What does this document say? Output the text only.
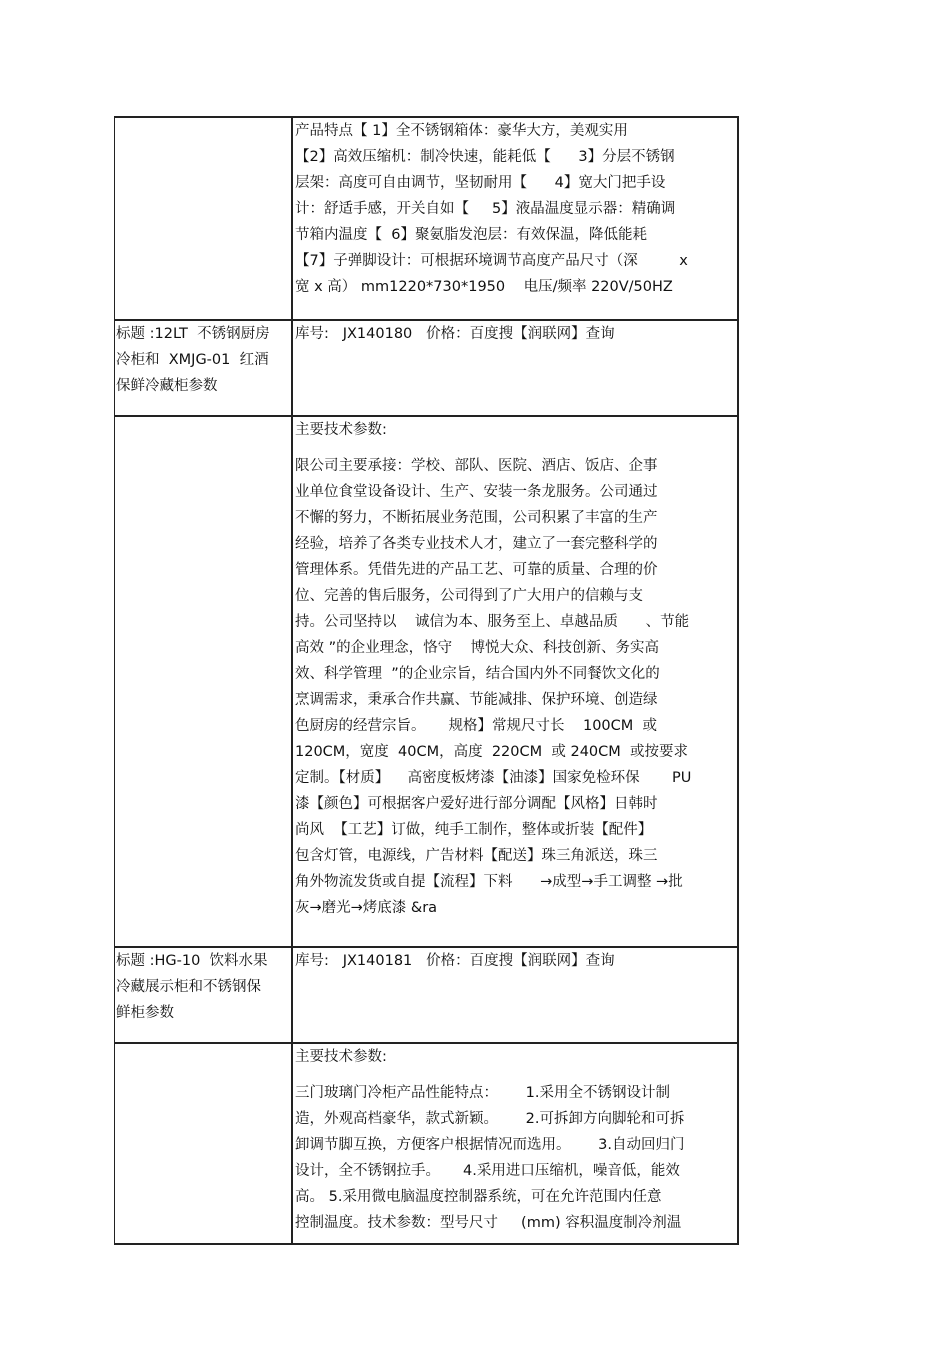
产品特点【 1】全不锈钢箱体：豪华大方，美观实用
【2】高效压缩机：制冷快速，能耗低【      3】分层不锈钢
层架：高度可自由调节，坚韧耐用【      4】宽大门把手设
计：舒适手感，开关自如【     5】液晶温度显示器：精确调
节箱内温度【  6】聚氨脂发泡层：有效保温，降低能耗
【7】子弹脚设计：可根据环境调节高度产品尺寸（深         x
宽 x 高） mm1220*730*1950    电压/频率 220V/50HZ
标题 :12LT  不锈钢厨房
冷柜和  XMJG-01  红酒
保鲜冷藏柜参数
库号:   JX140180   价格：百度搜【润联网】查询
主要技术参数:
限公司主要承接：学校、部队、医院、酒店、饭店、企事
业单位食堂设备设计、生产、安装一条龙服务。公司通过
不懈的努力，不断拓展业务范围，公司积累了丰富的生产
经验，培养了各类专业技术人才，建立了一套完整科学的
管理体系。凭借先进的产品工艺、可靠的质量、合理的价
位、完善的售后服务，公司得到了广大用户的信赖与支
持。公司坚持以    诚信为本、服务至上、卓越品质      、节能
高效 ”的企业理念，恪守    博悦大众、科技创新、务实高
效、科学管理  ”的企业宗旨，结合国内外不同餐饮文化的
烹调需求，秉承合作共赢、节能减排、保护环境、创造绿
色厨房的经营宗旨。     规格】常规尺寸长    100CM  或
120CM，宽度  40CM，高度  220CM  或 240CM  或按要求
定制。【材质】    高密度板烤漆【油漆】国家免检环保       PU
漆【颜色】可根据客户爱好进行部分调配【风格】日韩时
尚风  【工艺】订做，纯手工制作，整体或折装【配件】
包含灯管，电源线，广告材料【配送】珠三角派送，珠三
角外物流发货或自提【流程】下料      →成型→手工调整 →批
灰→磨光→烤底漆 &ra
标题 :HG-10  饮料水果
冷藏展示柜和不锈钢保
鲜柜参数
库号:   JX140181   价格：百度搜【润联网】查询
主要技术参数:
三门玻璃门冷柜产品性能特点：      1.采用全不锈钢设计制
造，外观高档豪华，款式新颖。      2.可拆卸方向脚轮和可拆
卸调节脚互换，方便客户根据情况而选用。      3.自动回归门
设计，全不锈钢拉手。     4.采用进口压缩机，噪音低，能效
高。 5.采用微电脑温度控制器系统，可在允许范围内任意
控制温度。技术参数：型号尺寸     (mm) 容积温度制冷剂温
